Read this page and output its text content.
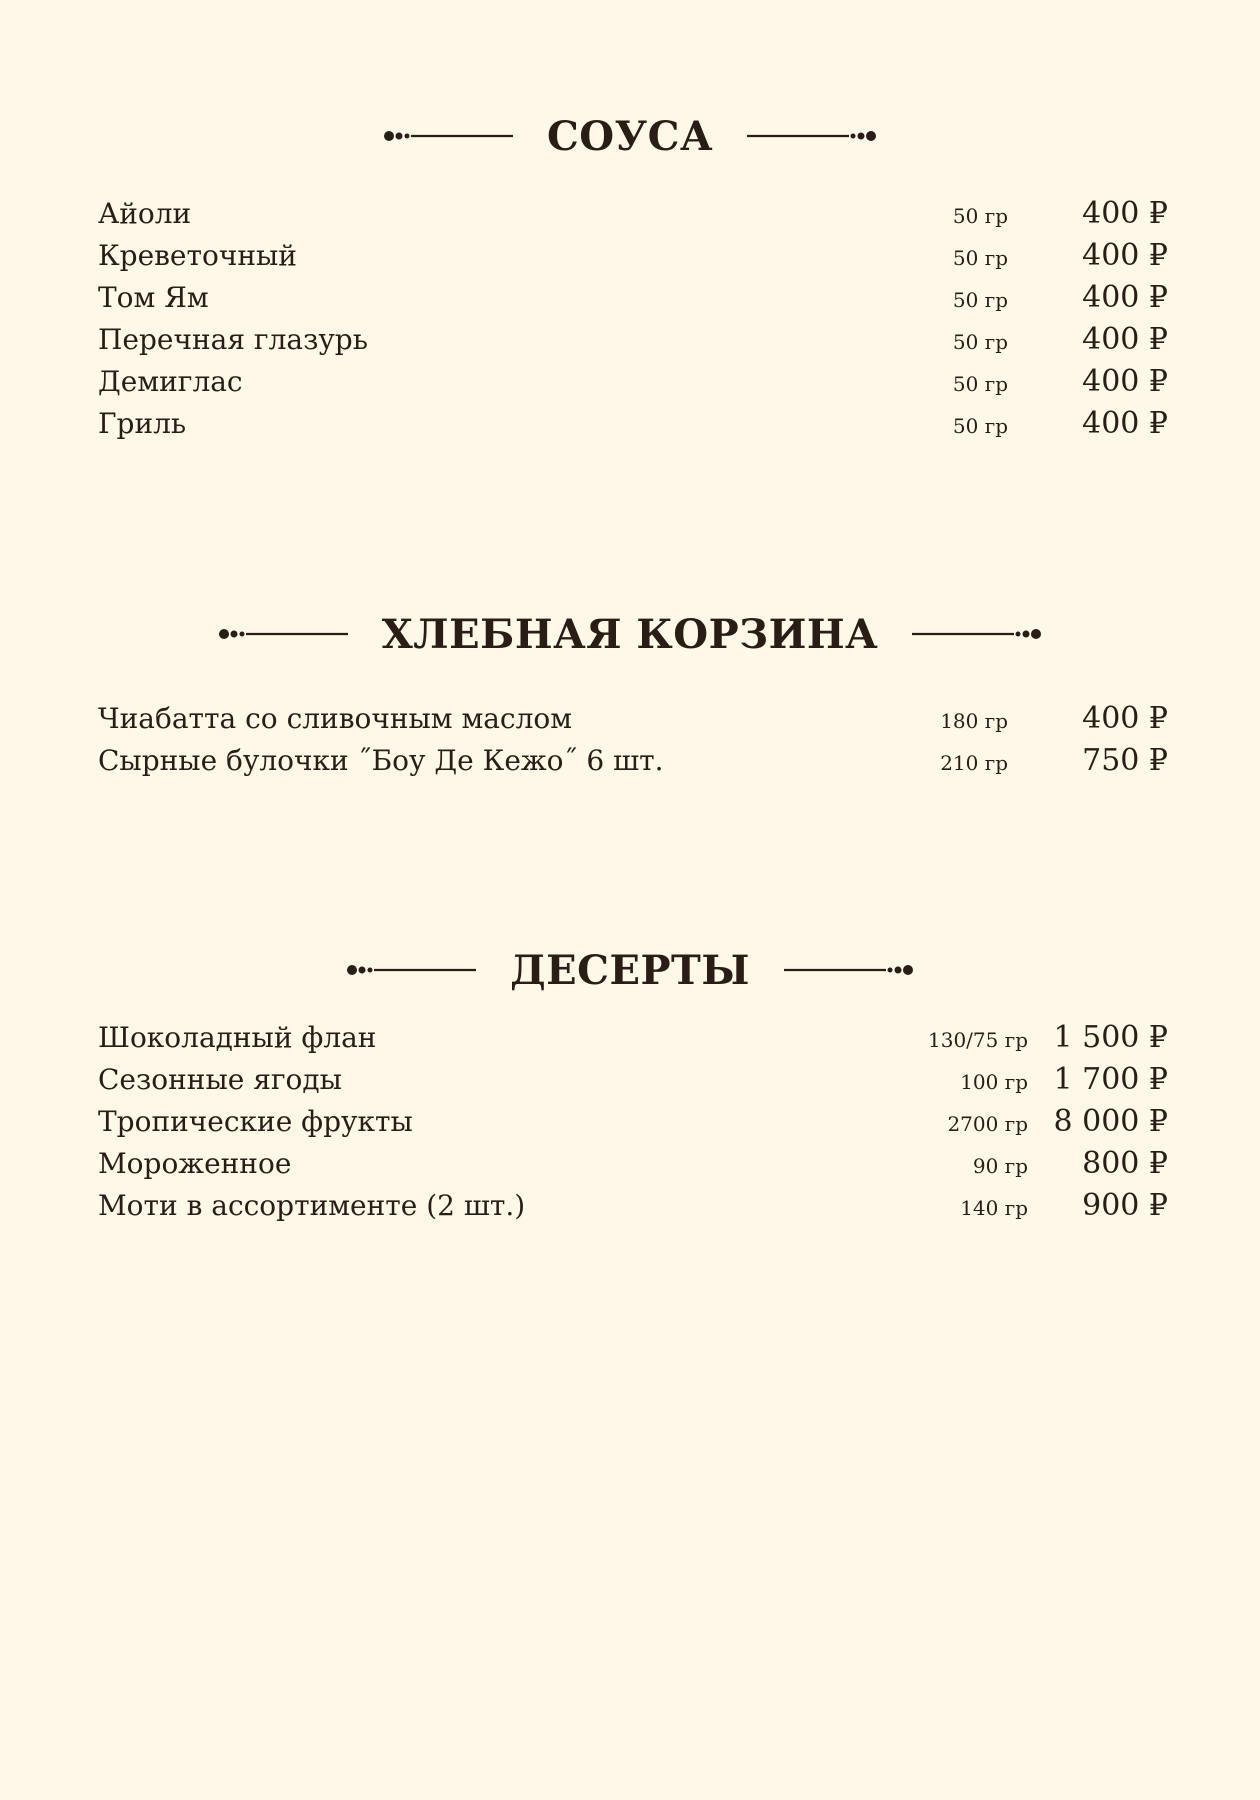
СОУСА
Айоли	50 гр 400 ₽
Креветочный	50 гр 400 ₽
Том Ям	50 гр 400 ₽
Перечная глазурь	50 гр 400 ₽
Демиглас	50 гр 400 ₽
Гриль	50 гр 400 ₽
ХЛЕБНАЯ КОРЗИНА
Чиабатта со сливочным маслом	180 гр 400 ₽
Сырные булочки ˝Боу Де Кежо˝ 6 шт.	210 гр 750 ₽
ДЕСЕРТЫ
Шоколадный флан	130/75 гр 1 500 ₽
Сезонные ягоды	100 гр 1 700 ₽
Тропические фрукты	2700 гр 8 000 ₽
Мороженное	90 гр 800 ₽
Моти в ассортименте (2 шт.)	140 гр 900 ₽
